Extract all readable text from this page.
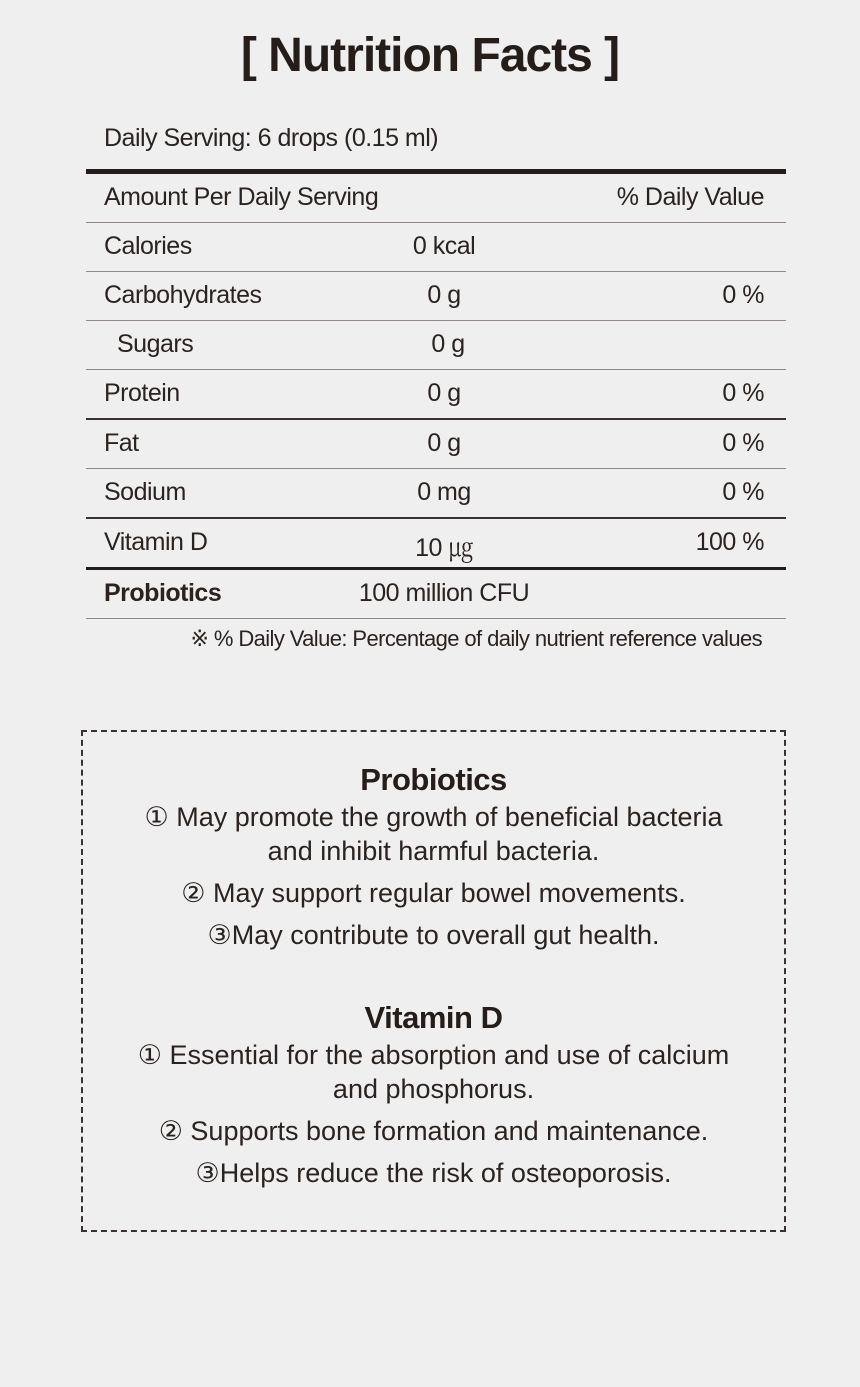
[ Nutrition Facts ]
Daily Serving: 6 drops (0.15 ml)
Amount Per Daily Serving	% Daily Value
Calories	0 kcal
Carbohydrates	0 g	0 %
Sugars	0 g
Protein	0 g	0 %
Fat	0 g	0 %
Sodium	0 mg	0 %
Vitamin D	10 ㎍	100 %
Probiotics	100 million CFU
※ % Daily Value: Percentage of daily nutrient reference values
Probiotics

① May promote the growth of beneficial bacteria

and inhibit harmful bacteria.

② May support regular bowel movements.

③May contribute to overall gut health.

Vitamin D

① Essential for the absorption and use of calcium

and phosphorus.

② Supports bone formation and maintenance.

③Helps reduce the risk of osteoporosis.
